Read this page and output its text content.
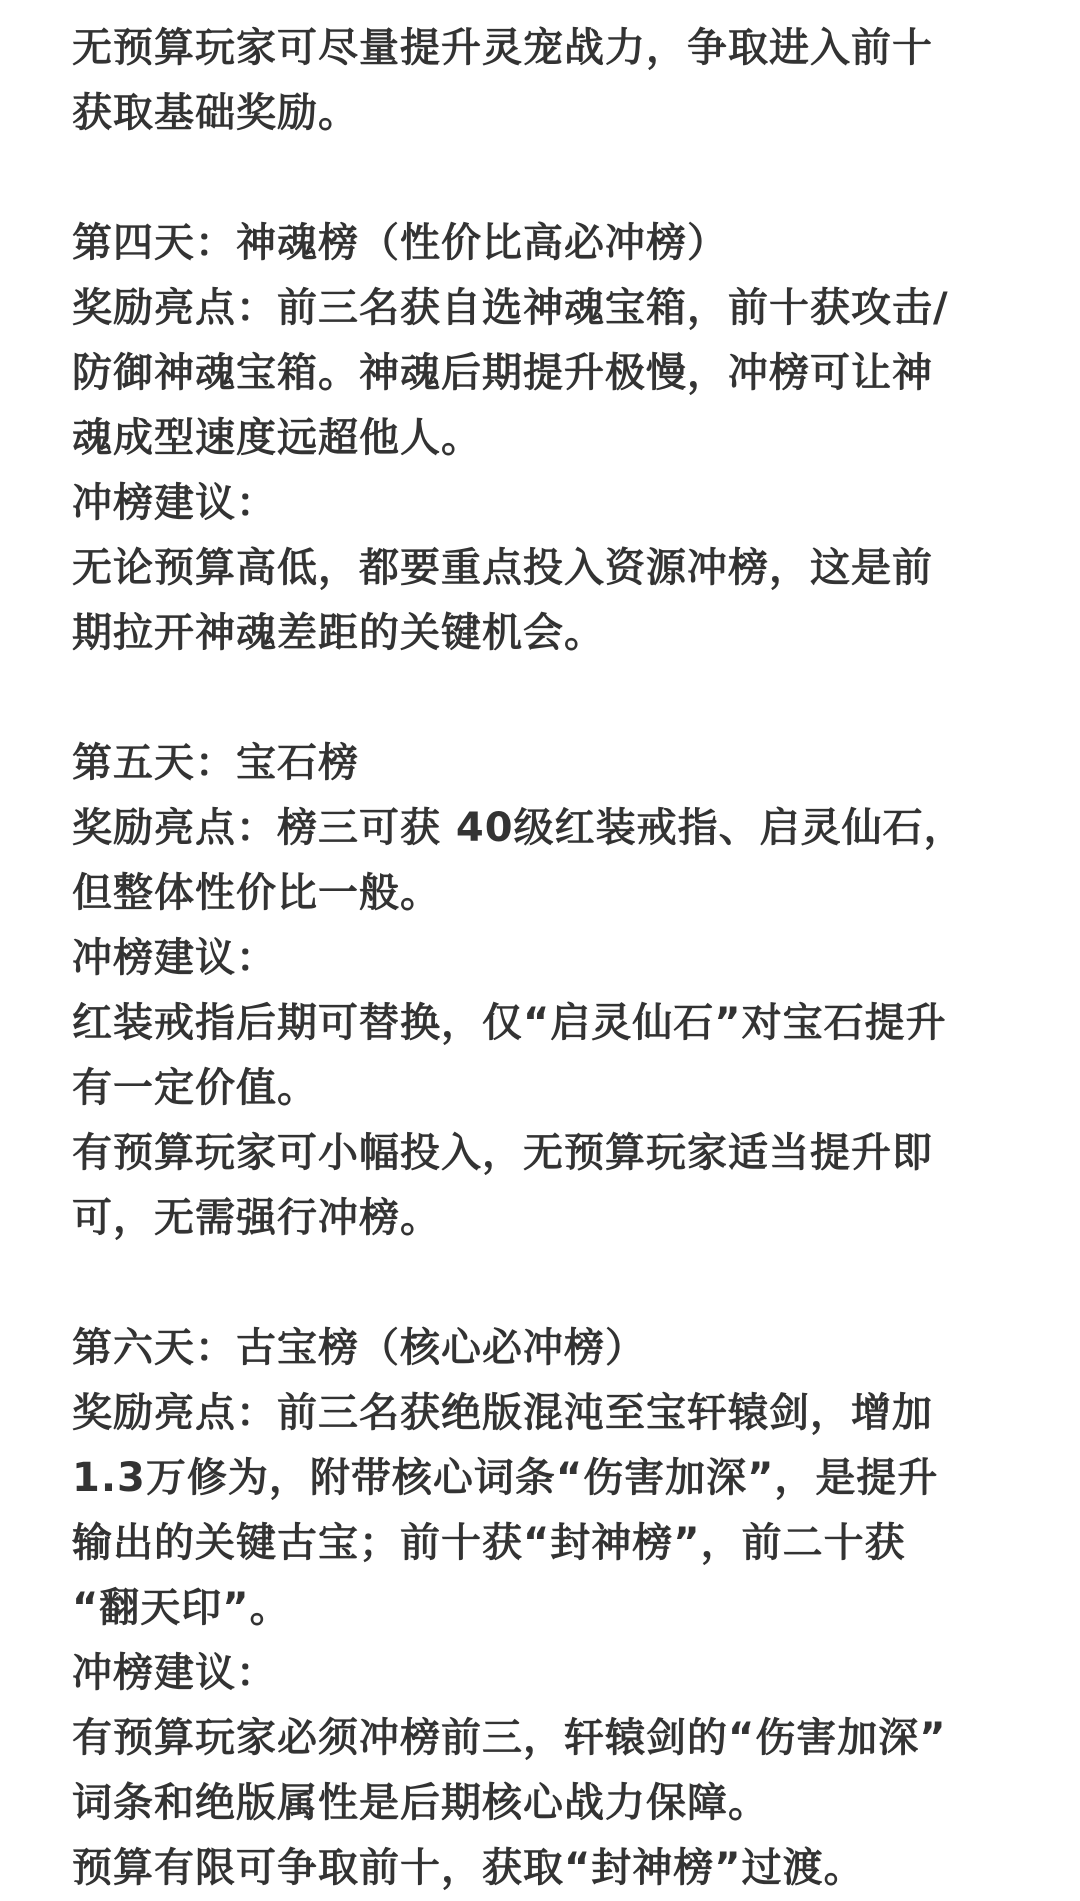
无预算玩家可尽量提升灵宠战力，争取进入前十
获取基础奖励。
第四天：神魂榜（性价比高必冲榜）
奖励亮点：前三名获自选神魂宝箱，前十获攻击/
防御神魂宝箱。神魂后期提升极慢，冲榜可让神
魂成型速度远超他人。
冲榜建议：
无论预算高低，都要重点投入资源冲榜，这是前
期拉开神魂差距的关键机会。
第五天：宝石榜
奖励亮点：榜三可获 40级红装戒指、启灵仙石，
但整体性价比一般。
冲榜建议：
红装戒指后期可替换，仅“启灵仙石”对宝石提升
有一定价值。
有预算玩家可小幅投入，无预算玩家适当提升即
可，无需强行冲榜。
第六天：古宝榜（核心必冲榜）
奖励亮点：前三名获绝版混沌至宝轩辕剑，增加
1.3万修为，附带核心词条“伤害加深”，是提升
输出的关键古宝；前十获“封神榜”，前二十获
“翻天印”。
冲榜建议：
有预算玩家必须冲榜前三，轩辕剑的“伤害加深”
词条和绝版属性是后期核心战力保障。
预算有限可争取前十，获取“封神榜”过渡。
